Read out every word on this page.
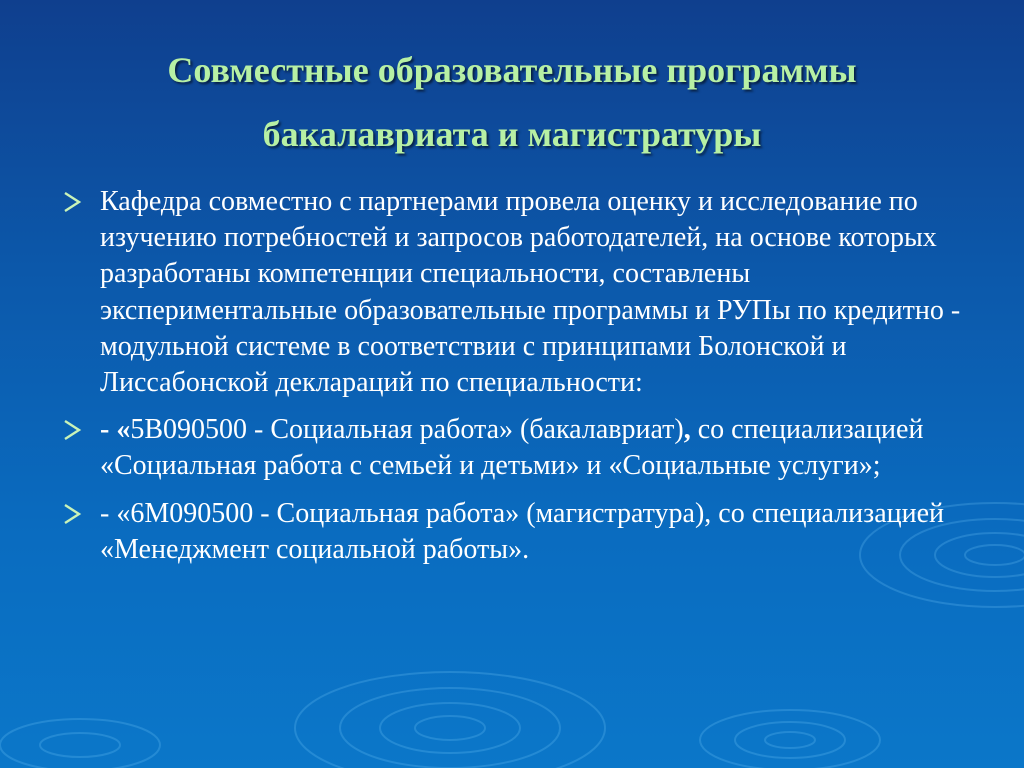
Совместные образовательные программы
бакалавриата и магистратуры
Кафедра совместно с партнерами провела оценку и исследование по изучению потребностей и запросов работодателей, на основе которых разработаны компетенции специальности, составлены экспериментальные образовательные программы и РУПы по кредитно - модульной системе в соответствии с принципами Болонской и Лиссабонской деклараций по специальности:
- «5В090500 - Социальная работа» (бакалавриат), со специализацией «Социальная работа с семьей и детьми» и «Социальные услуги»;
- «6М090500 - Социальная работа» (магистратура), со специализацией «Менеджмент социальной работы».
